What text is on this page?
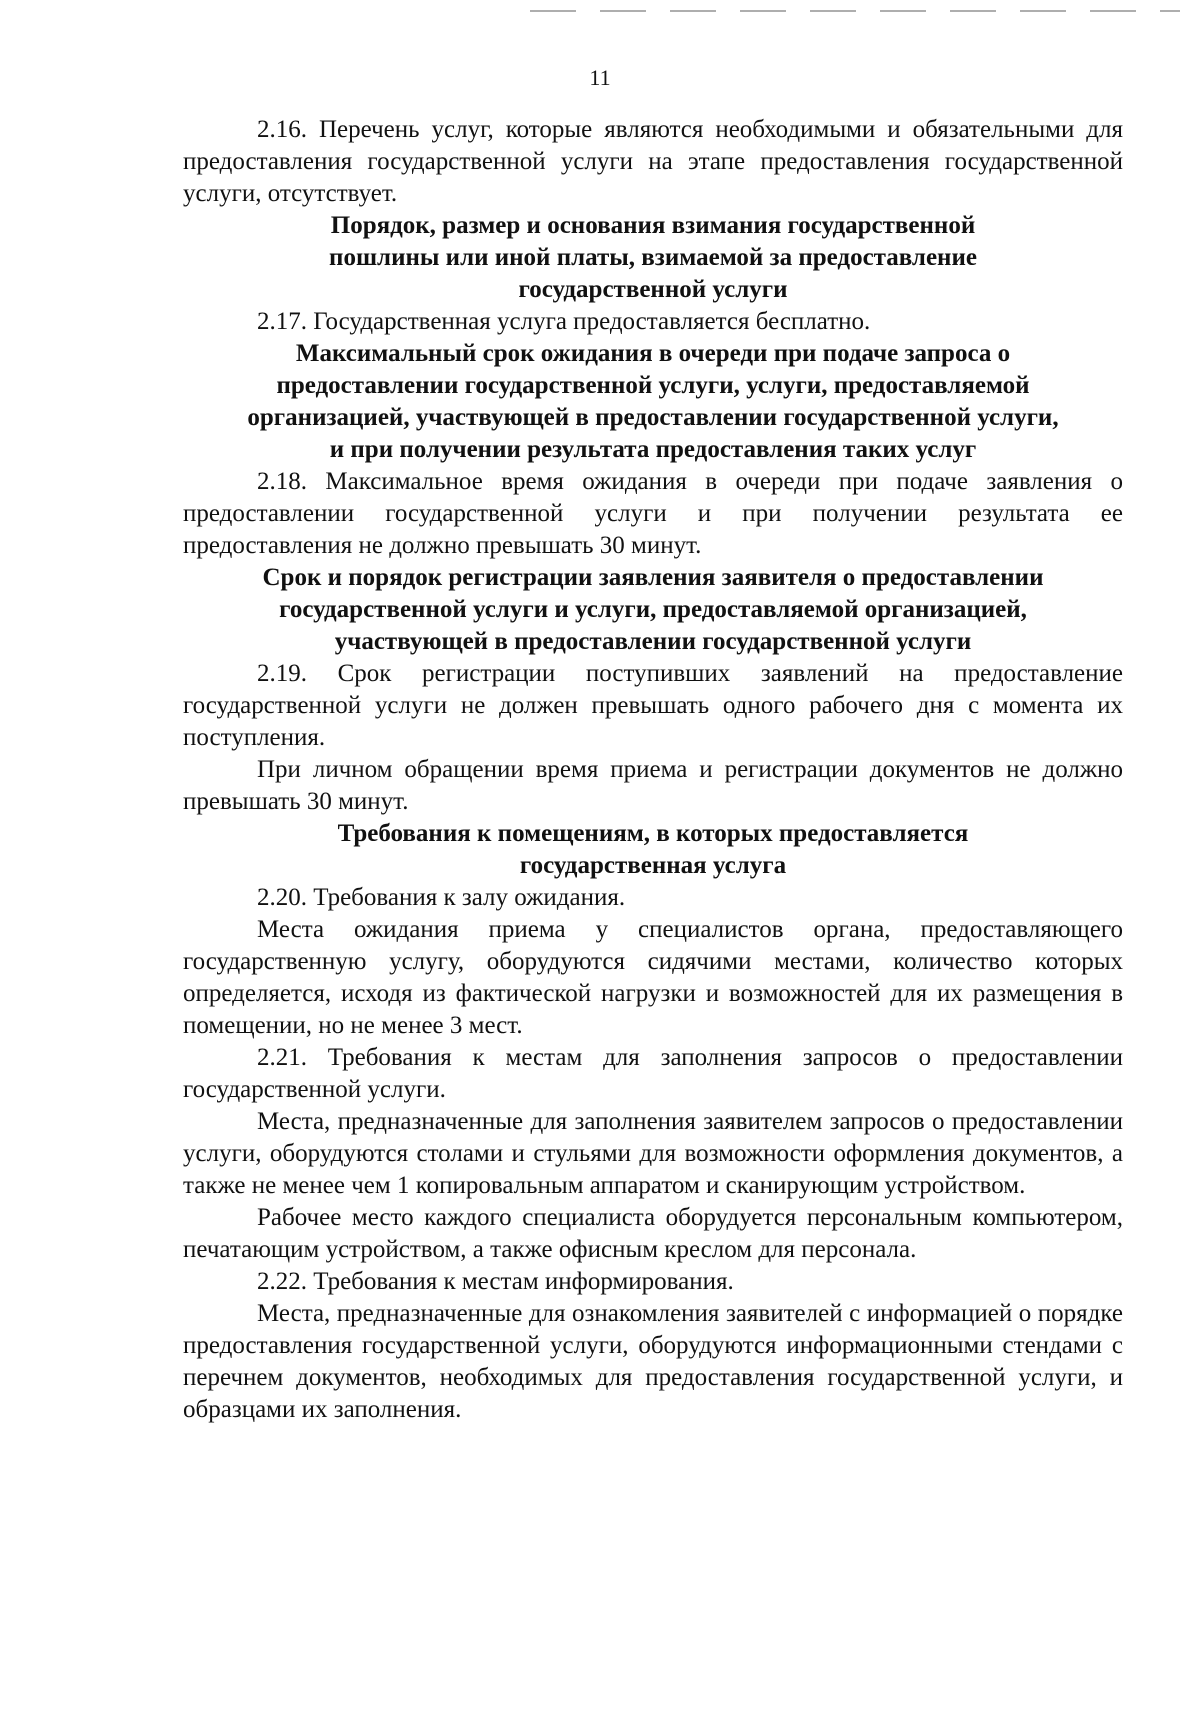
11

2.16. Перечень услуг, которые являются необходимыми и обязательными для предоставления государственной услуги на этапе предоставления государственной услуги, отсутствует.

Порядок, размер и основания взимания государственной
пошлины или иной платы, взимаемой за предоставление
государственной услуги

2.17. Государственная услуга предоставляется бесплатно.

Максимальный срок ожидания в очереди при подаче запроса о
предоставлении государственной услуги, услуги, предоставляемой
организацией, участвующей в предоставлении государственной услуги,
и при получении результата предоставления таких услуг

2.18. Максимальное время ожидания в очереди при подаче заявления о предоставлении государственной услуги и при получении результата ее предоставления не должно превышать 30 минут.

Срок и порядок регистрации заявления заявителя о предоставлении
государственной услуги и услуги, предоставляемой организацией,
участвующей в предоставлении государственной услуги

2.19. Срок регистрации поступивших заявлений на предоставление государственной услуги не должен превышать одного рабочего дня с момента их поступления.

При личном обращении время приема и регистрации документов не должно превышать 30 минут.

Требования к помещениям, в которых предоставляется
государственная услуга

2.20. Требования к залу ожидания.

Места ожидания приема у специалистов органа, предоставляющего государственную услугу, оборудуются сидячими местами, количество которых определяется, исходя из фактической нагрузки и возможностей для их размещения в помещении, но не менее 3 мест.

2.21. Требования к местам для заполнения запросов о предоставлении государственной услуги.

Места, предназначенные для заполнения заявителем запросов о предоставлении услуги, оборудуются столами и стульями для возможности оформления документов, а также не менее чем 1 копировальным аппаратом и сканирующим устройством.

Рабочее место каждого специалиста оборудуется персональным компьютером, печатающим устройством, а также офисным креслом для персонала.

2.22. Требования к местам информирования.

Места, предназначенные для ознакомления заявителей с информацией о порядке предоставления государственной услуги, оборудуются информационными стендами с перечнем документов, необходимых для предоставления государственной услуги, и образцами их заполнения.
